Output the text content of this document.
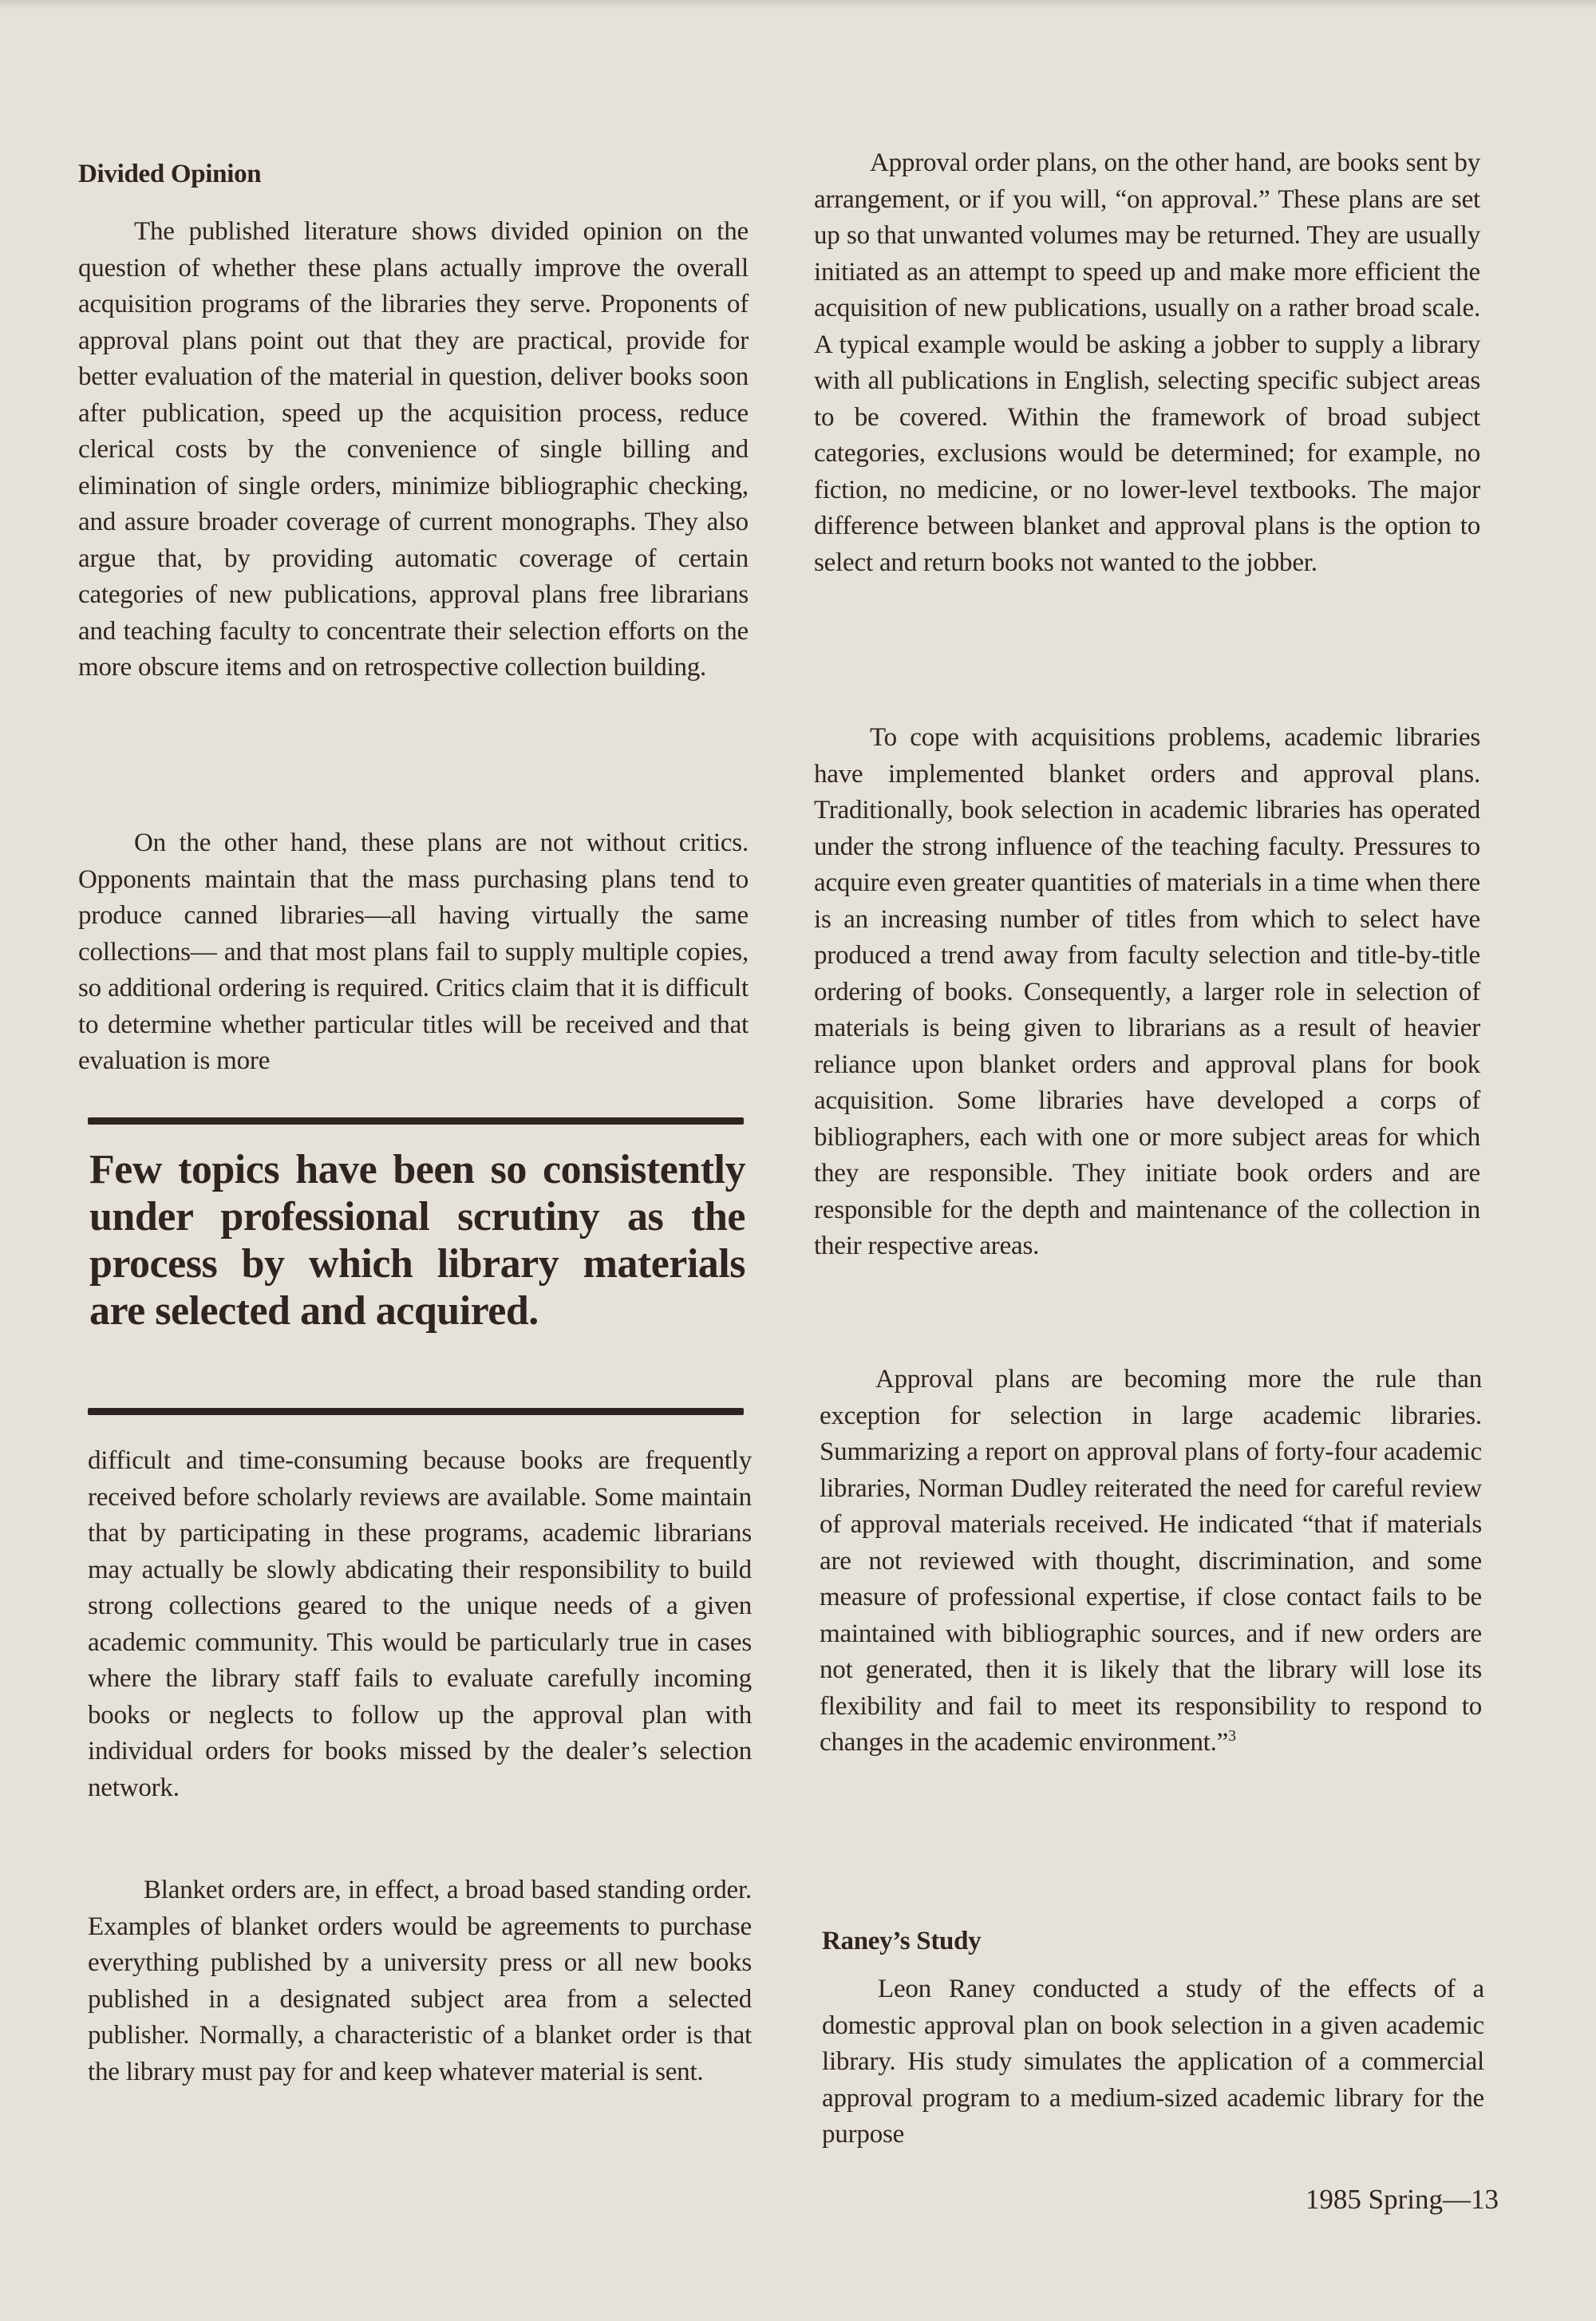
Divided Opinion

The published literature shows divided opinion on the question of whether these plans actually improve the overall acquisition programs of the libraries they serve. Proponents of approval plans point out that they are practical, provide for better evaluation of the material in question, deliver books soon after publication, speed up the acquisition process, reduce clerical costs by the convenience of single billing and elimination of single orders, minimize bibliographic checking, and assure broader coverage of current monographs. They also argue that, by providing automatic coverage of certain categories of new publications, approval plans free librarians and teaching faculty to concentrate their selection efforts on the more obscure items and on retrospective collection building.

On the other hand, these plans are not without critics. Opponents maintain that the mass purchasing plans tend to produce canned libraries—all having virtually the same collections— and that most plans fail to supply multiple copies, so additional ordering is required. Critics claim that it is difficult to determine whether particular titles will be received and that evaluation is more

Few topics have been so consistently under professional scrutiny as the process by which library materials are selected and acquired.

difficult and time-consuming because books are frequently received before scholarly reviews are available. Some maintain that by participating in these programs, academic librarians may actually be slowly abdicating their responsibility to build strong collections geared to the unique needs of a given academic community. This would be particularly true in cases where the library staff fails to evaluate carefully incoming books or neglects to follow up the approval plan with individual orders for books missed by the dealer’s selection network.

Blanket orders are, in effect, a broad based standing order. Examples of blanket orders would be agreements to purchase everything published by a university press or all new books published in a designated subject area from a selected publisher. Normally, a characteristic of a blanket order is that the library must pay for and keep whatever material is sent.

Approval order plans, on the other hand, are books sent by arrangement, or if you will, “on approval.” These plans are set up so that unwanted volumes may be returned. They are usually initiated as an attempt to speed up and make more efficient the acquisition of new publications, usually on a rather broad scale. A typical example would be asking a jobber to supply a library with all publications in English, selecting specific subject areas to be covered. Within the framework of broad subject categories, exclusions would be determined; for example, no fiction, no medicine, or no lower-level textbooks. The major difference between blanket and approval plans is the option to select and return books not wanted to the jobber.

To cope with acquisitions problems, academic libraries have implemented blanket orders and approval plans. Traditionally, book selection in academic libraries has operated under the strong influence of the teaching faculty. Pressures to acquire even greater quantities of materials in a time when there is an increasing number of titles from which to select have produced a trend away from faculty selection and title-by-title ordering of books. Consequently, a larger role in selection of materials is being given to librarians as a result of heavier reliance upon blanket orders and approval plans for book acquisition. Some libraries have developed a corps of bibliographers, each with one or more subject areas for which they are responsible. They initiate book orders and are responsible for the depth and maintenance of the collection in their respective areas.

Approval plans are becoming more the rule than exception for selection in large academic libraries. Summarizing a report on approval plans of forty-four academic libraries, Norman Dudley reiterated the need for careful review of approval materials received. He indicated “that if materials are not reviewed with thought, discrimination, and some measure of professional expertise, if close contact fails to be maintained with bibliographic sources, and if new orders are not generated, then it is likely that the library will lose its flexibility and fail to meet its responsibility to respond to changes in the academic environment.”$^3$

Raney’s Study

Leon Raney conducted a study of the effects of a domestic approval plan on book selection in a given academic library. His study simulates the application of a commercial approval program to a medium-sized academic library for the purpose

1985 Spring—13
